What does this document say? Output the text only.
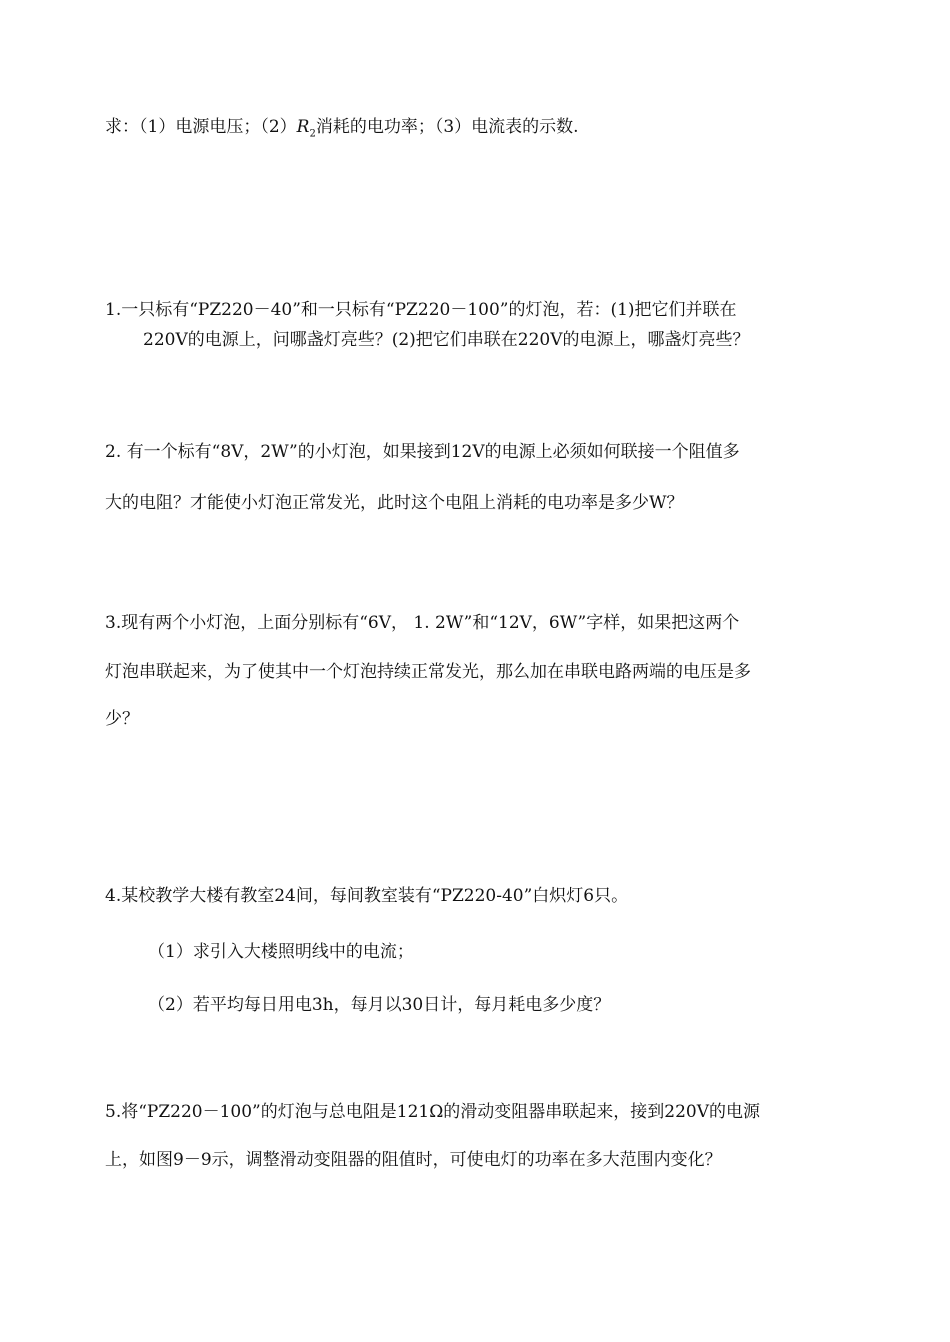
求：（1）电源电压；$(2)R_2$消耗的电功率；（3）电流表的示数.
1.一只标有“PZ220－40”和一只标有“PZ220－100”的灯泡，若：(1)把它们并联在
220V的电源上，问哪盏灯亮些？(2)把它们串联在220V的电源上，哪盏灯亮些？
2. 有一个标有“8V，2W”的小灯泡，如果接到12V的电源上必须如何联接一个阻值多
大的电阻？才能使小灯泡正常发光，此时这个电阻上消耗的电功率是多少W？
3.现有两个小灯泡，上面分别标有“6V， 1. 2W”和“12V，6W”字样，如果把这两个
灯泡串联起来，为了使其中一个灯泡持续正常发光，那么加在串联电路两端的电压是多
少？
4.某校教学大楼有教室24间，每间教室装有“PZ220-40”白炽灯6只。
（1）求引入大楼照明线中的电流；
（2）若平均每日用电3h，每月以30日计，每月耗电多少度？
5.将“PZ220－100”的灯泡与总电阻是121Ω的滑动变阻器串联起来，接到220V的电源
上，如图9－9示，调整滑动变阻器的阻值时，可使电灯的功率在多大范围内变化？
